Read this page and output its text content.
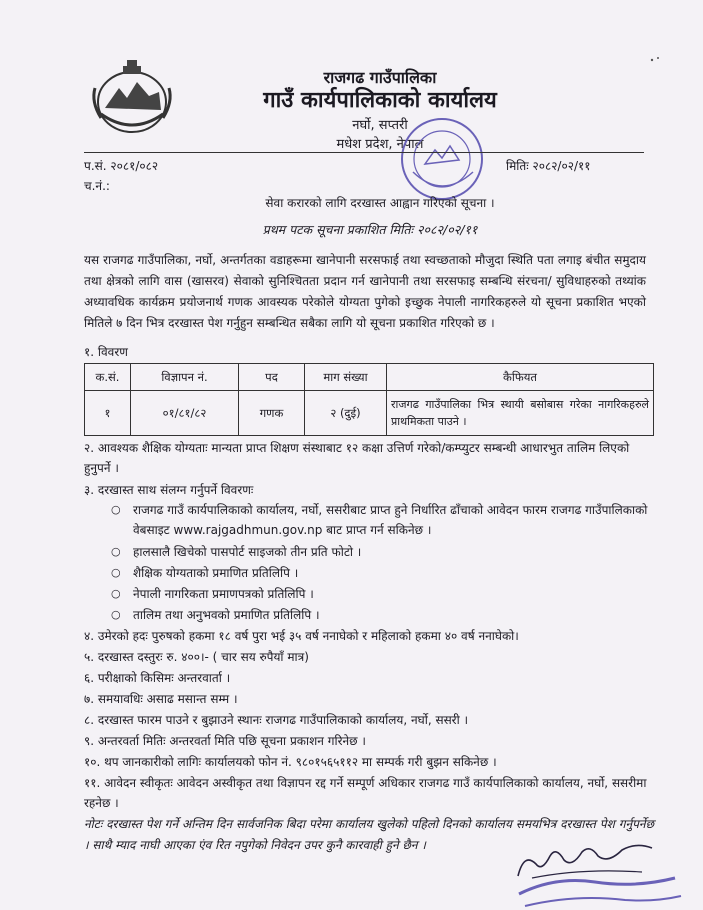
राजगढ गाउँपालिका
गाउँ कार्यपालिकाको कार्यालय
नर्घो, सप्तरी
मधेश प्रदेश, नेपाल
प.सं. २०८१/०८२	मितिः २०८२/०२/११
च.नं.:
सेवा करारको लागि दरखास्त आह्वान गरिएको सूचना ।
प्रथम पटक सूचना प्रकाशित मितिः २०८२/०२/११
यस राजगढ गाउँपालिका, नर्घो, अन्तर्गतका वडाहरूमा खानेपानी सरसफाई तथा स्वच्छताको मौजुदा स्थिति पता लगाइ बंचीत समुदाय तथा क्षेत्रको लागि वास (खासरव) सेवाको सुनिश्चितता प्रदान गर्न खानेपानी तथा सरसफाइ सम्बन्धि संरचना/ सुविधाहरुको तथ्यांक अध्यावधिक कार्यक्रम प्रयोजनार्थ गणक आवस्यक परेकोले योग्यता पुगेको इच्छुक नेपाली नागरिकहरुले यो सूचना प्रकाशित भएको मितिले ७ दिन भित्र दरखास्त पेश गर्नुहुन सम्बन्धित सबैका लागि यो सूचना प्रकाशित गरिएको छ ।
१. विवरण
क.सं.	विज्ञापन नं.	पद	माग संख्या	कैफियत
१	०१/८१/८२	गणक	२ (दुई)	राजगढ गाउँपालिका भित्र स्थायी बसोबास गरेका नागरिकहरुले प्राथमिकता पाउने ।
२. आवश्यक शैक्षिक योग्यताः मान्यता प्राप्त शिक्षण संस्थाबाट १२ कक्षा उत्तिर्ण गरेको/कम्प्युटर सम्बन्धी आधारभुत तालिम लिएको हुनुपर्ने ।
३. दरखास्त साथ संलग्न गर्नुपर्ने विवरणः
○ राजगढ गाउँ कार्यपालिकाको कार्यालय, नर्घो, ससरीबाट प्राप्त हुने निर्धारित ढाँचाको आवेदन फारम राजगढ गाउँपालिकाको वेबसाइट www.rajgadhmun.gov.np बाट प्राप्त गर्न सकिनेछ ।
○ हालसालै खिचेको पासपोर्ट साइजको तीन प्रति फोटो ।
○ शैक्षिक योग्यताको प्रमाणित प्रतिलिपि ।
○ नेपाली नागरिकता प्रमाणपत्रको प्रतिलिपि ।
○ तालिम तथा अनुभवको प्रमाणित प्रतिलिपि ।
४. उमेरको हदः पुरुषको हकमा १८ वर्ष पुरा भई ३५ वर्ष ननाघेको र महिलाको हकमा ४० वर्ष ननाघेको।
५. दरखास्त दस्तुरः रु. ४००।- ( चार सय रुपैयाँ मात्र)
६. परीक्षाको किसिमः अन्तरवार्ता ।
७. समयावधिः असाढ मसान्त सम्म ।
८. दरखास्त फारम पाउने र बुझाउने स्थानः राजगढ गाउँपालिकाको कार्यालय, नर्घो, ससरी ।
९. अन्तरवर्ता मितिः अन्तरवर्ता मिति पछि सूचना प्रकाशन गरिनेछ ।
१०. थप जानकारीको लागिः कार्यालयको फोन नं. ९८०१५६५११२ मा सम्पर्क गरी बुझन सकिनेछ ।
११. आवेदन स्वीकृतः आवेदन अस्वीकृत तथा विज्ञापन रद्द गर्ने सम्पूर्ण अधिकार राजगढ गाउँ कार्यपालिकाको कार्यालय, नर्घो, ससरीमा रहनेछ ।
नोटः दरखास्त पेश गर्ने अन्तिम दिन सार्वजनिक बिदा परेमा कार्यालय खुलेको पहिलो दिनको कार्यालय समयभित्र दरखास्त पेश गर्नुपर्नेछ । साथै म्याद नाघी आएका एंव रित नपुगेको निवेदन उपर कुनै कारवाही हुने छैन ।
